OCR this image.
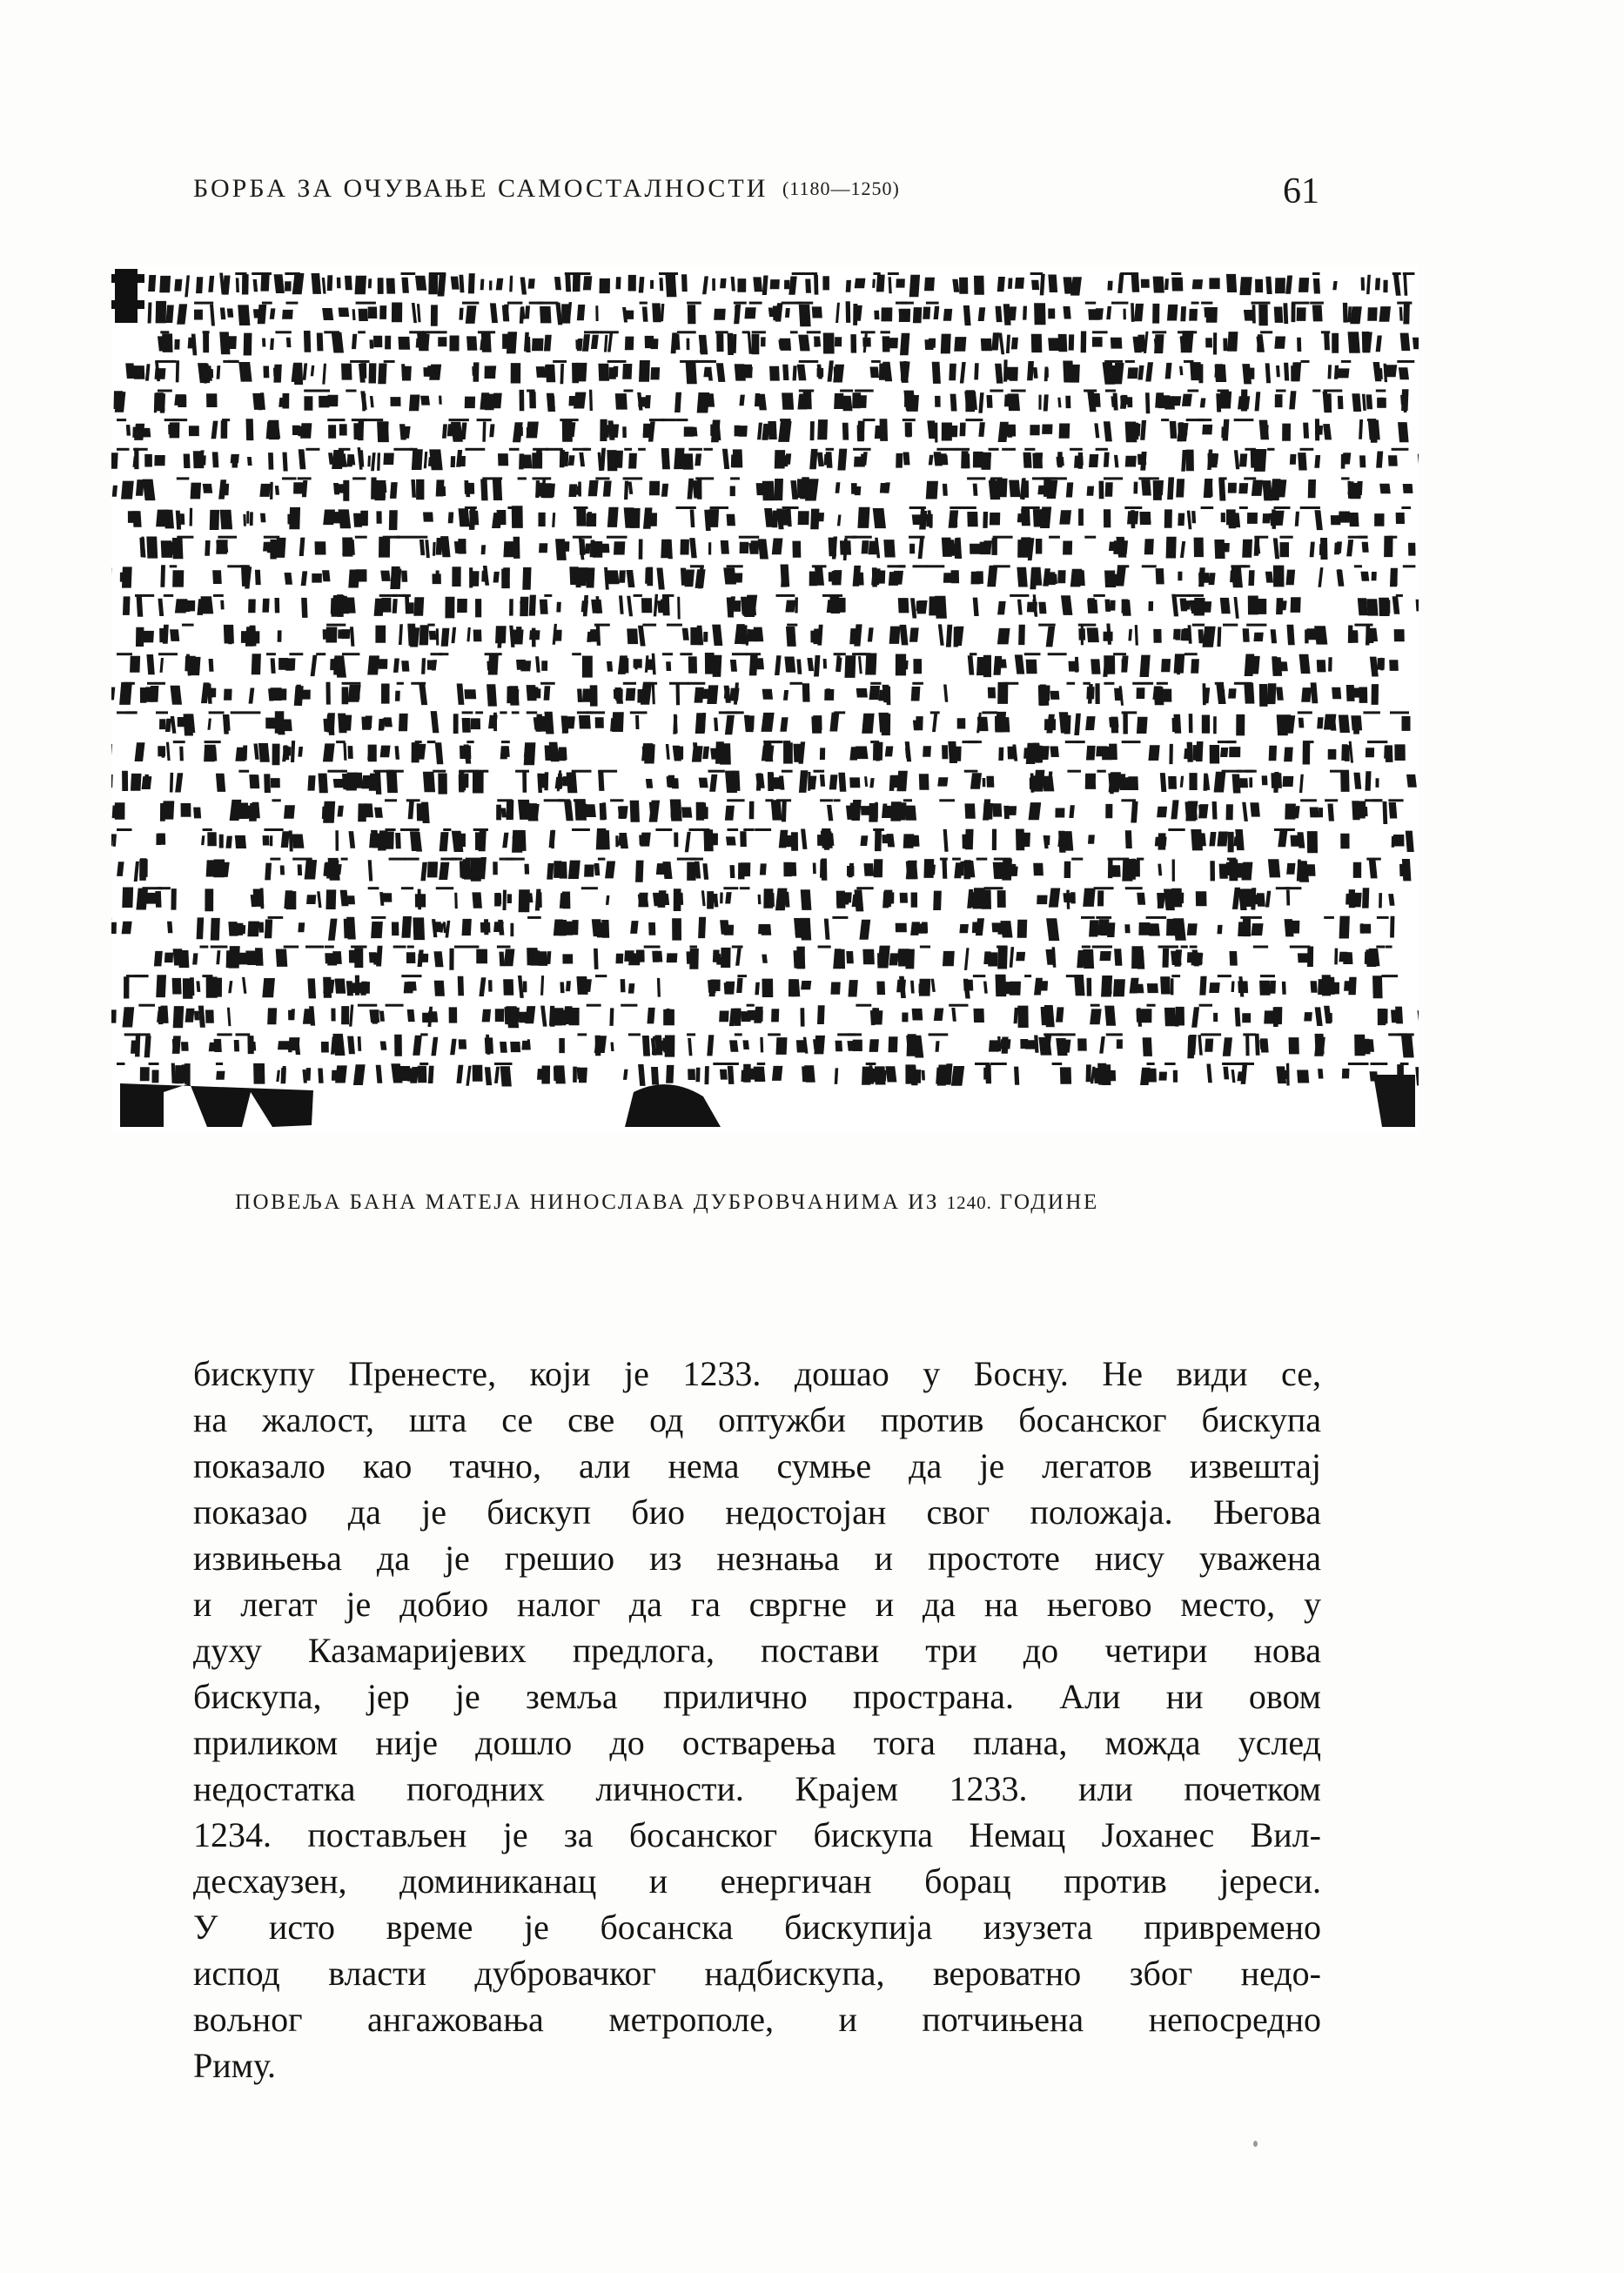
БОРБА ЗА ОЧУВАЊЕ САМОСТАЛНОСТИ (1180—1250)	61
ПОВЕЉА БАНА МАТЕЈА НИНОСЛАВА ДУБРОВЧАНИМА ИЗ 1240. ГОДИНЕ
бискупу Пренесте, који је 1233. дошао у Босну. Не види се,
на жалост, шта се све од оптужби против босанског бискупа
показало као тачно, али нема сумње да је легатов извештај
показао да је бискуп био недостојан свог положаја. Његова
извињења да је грешио из незнања и простоте нису уважена
и легат је добио налог да га свргне и да на његово место, у
духу Казамаријевих предлога, постави три до четири нова
бискупа, јер је земља прилично пространа. Али ни овом
приликом није дошло до остварења тога плана, можда услед
недостатка погодних личности. Крајем 1233. или почетком
1234. постављен је за босанског бискупа Немац Јоханес Вил-
десхаузен, доминиканац и енергичан борац против јереси.
У исто време је босанска бискупија изузета привремено
испод власти дубровачког надбискупа, вероватно због недо-
вољног ангажовања метрополе, и потчињена непосредно
Риму.
